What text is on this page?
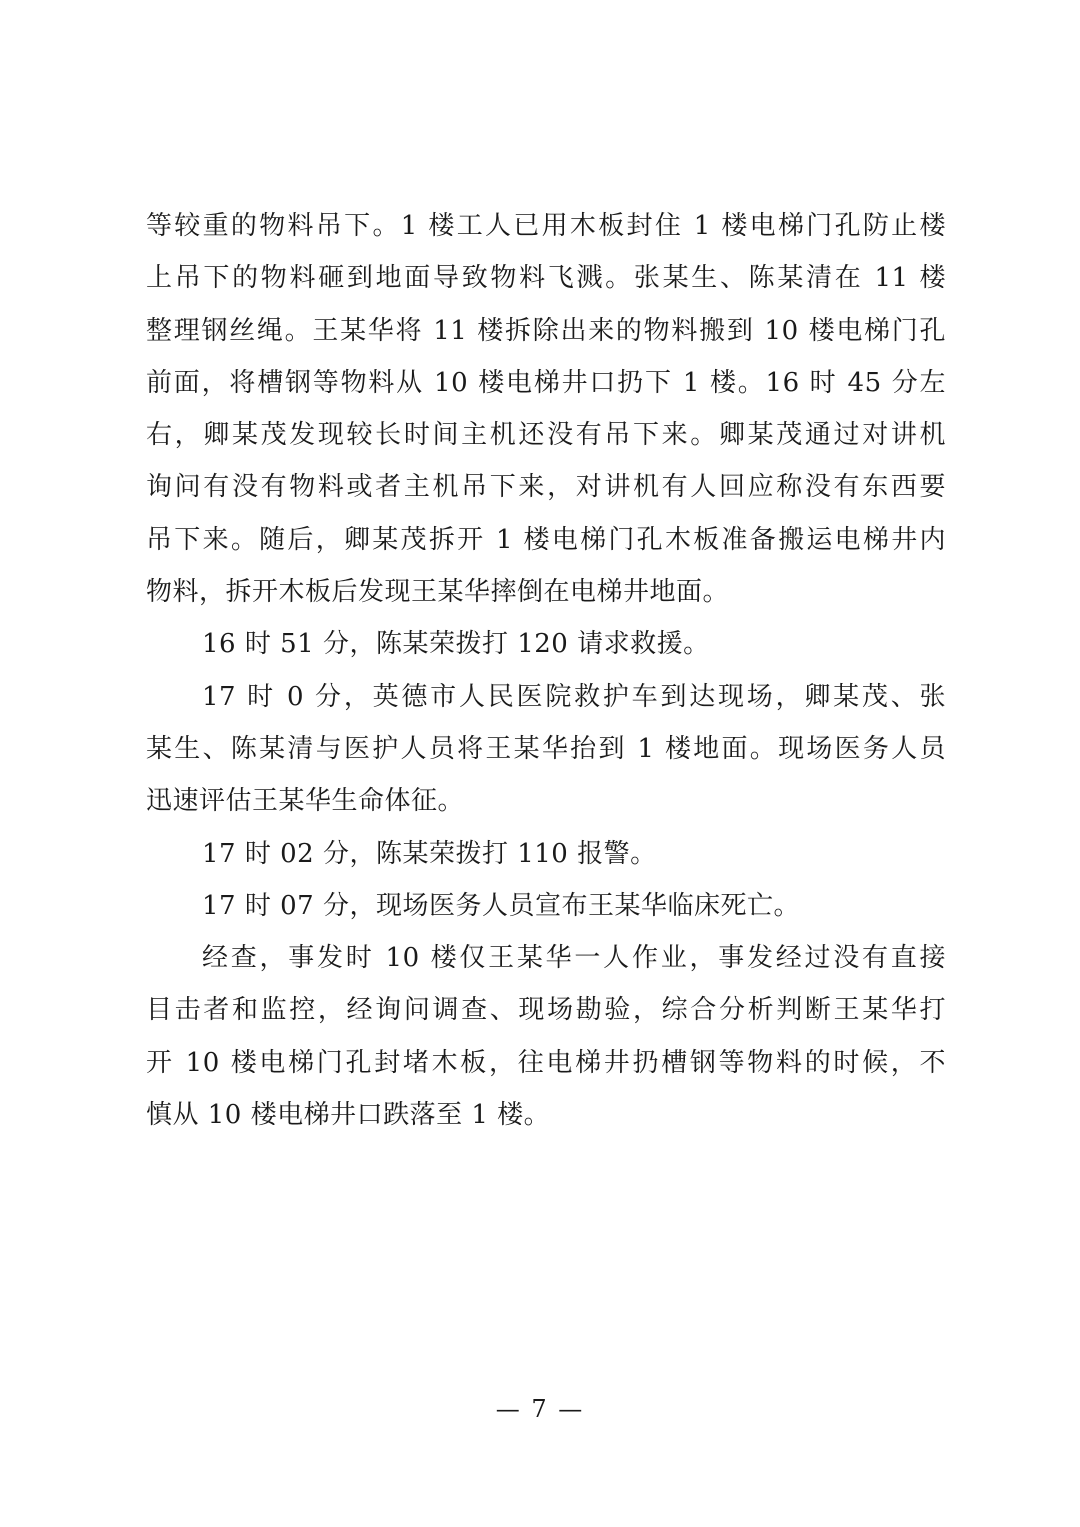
等较重的物料吊下。1 楼工人已用木板封住 1 楼电梯门孔防止楼
上吊下的物料砸到地面导致物料飞溅。张某生、陈某清在 11 楼
整理钢丝绳。王某华将 11 楼拆除出来的物料搬到 10 楼电梯门孔
前面，将槽钢等物料从 10 楼电梯井口扔下 1 楼。16 时 45 分左
右，卿某茂发现较长时间主机还没有吊下来。卿某茂通过对讲机
询问有没有物料或者主机吊下来，对讲机有人回应称没有东西要
吊下来。随后，卿某茂拆开 1 楼电梯门孔木板准备搬运电梯井内
物料，拆开木板后发现王某华摔倒在电梯井地面。
16 时 51 分，陈某荣拨打 120 请求救援。
17 时 0 分，英德市人民医院救护车到达现场，卿某茂、张
某生、陈某清与医护人员将王某华抬到 1 楼地面。现场医务人员
迅速评估王某华生命体征。
17 时 02 分，陈某荣拨打 110 报警。
17 时 07 分，现场医务人员宣布王某华临床死亡。
经查，事发时 10 楼仅王某华一人作业，事发经过没有直接
目击者和监控，经询问调查、现场勘验，综合分析判断王某华打
开 10 楼电梯门孔封堵木板，往电梯井扔槽钢等物料的时候，不
慎从 10 楼电梯井口跌落至 1 楼。
— 7 —
